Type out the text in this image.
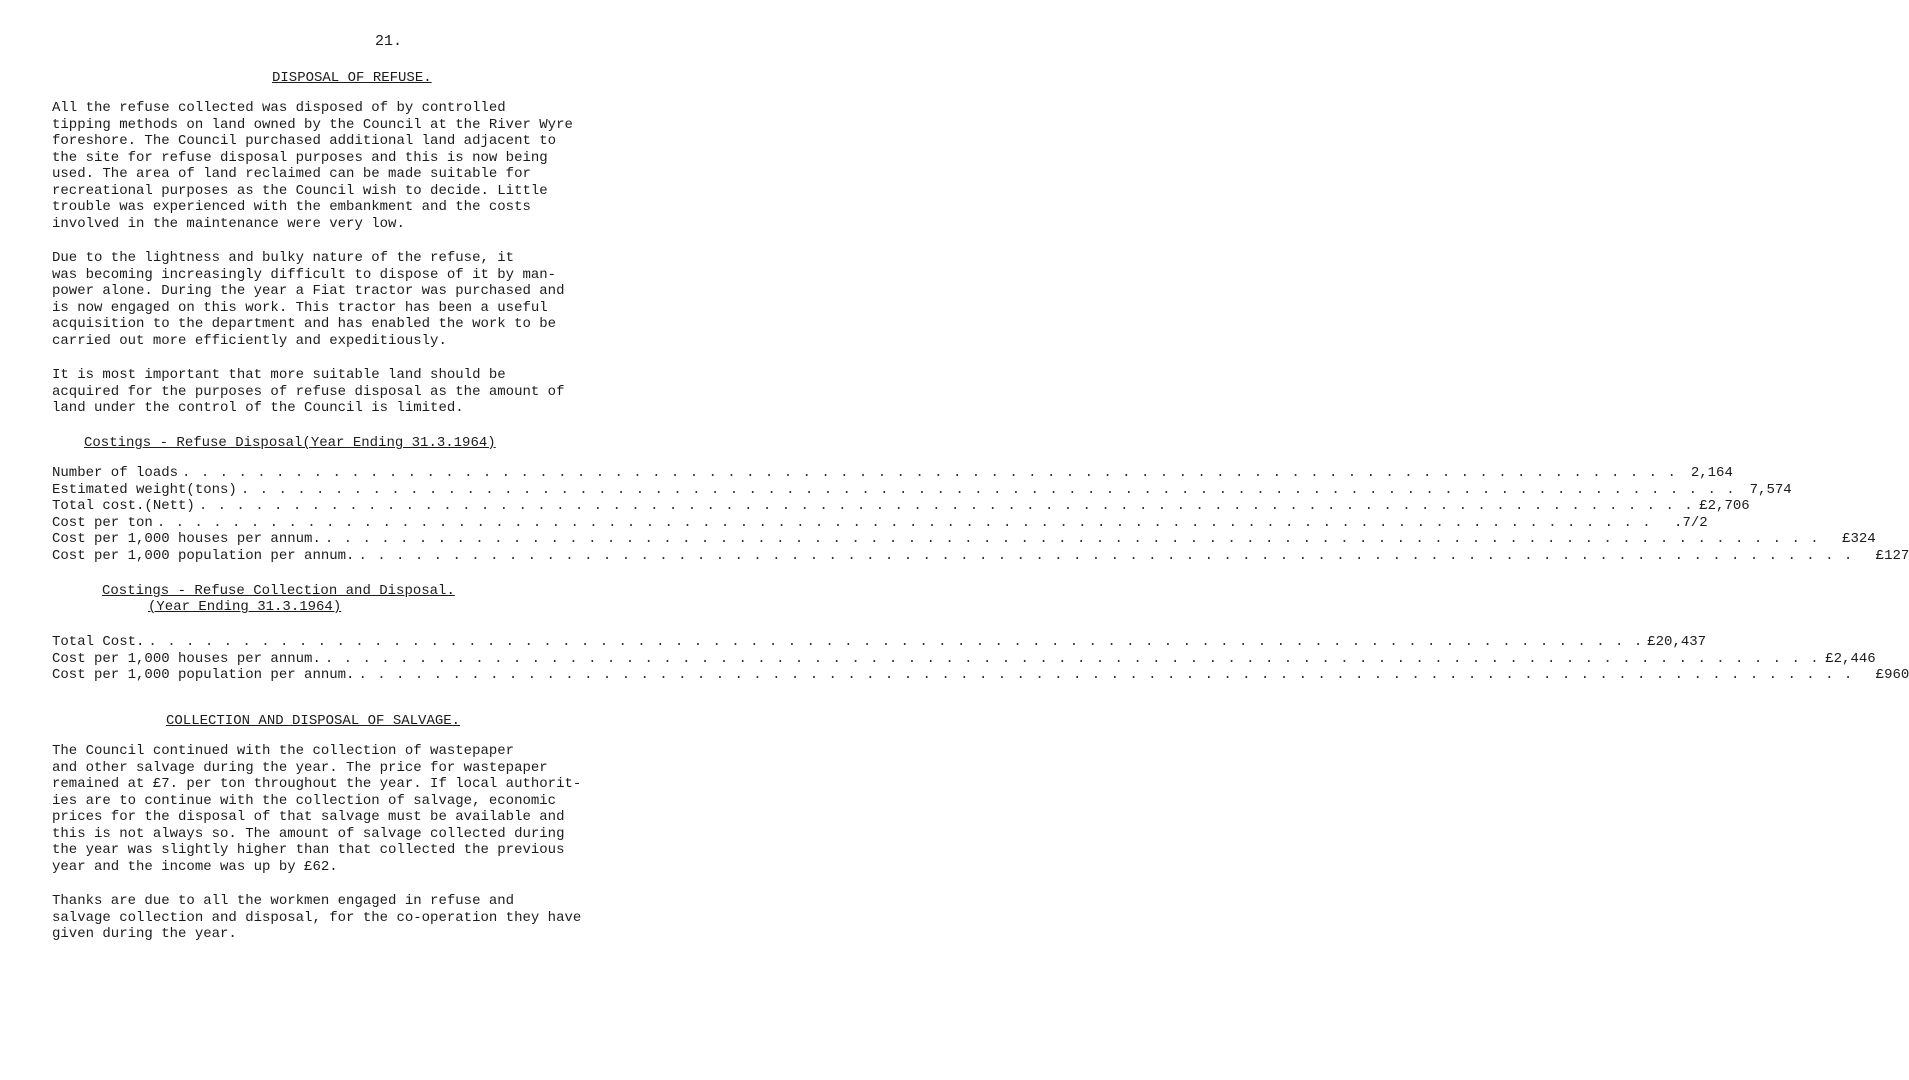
21.
DISPOSAL OF REFUSE.

All the refuse collected was disposed of by controlled
tipping methods on land owned by the Council at the River Wyre
foreshore. The Council purchased additional land adjacent to
the site for refuse disposal purposes and this is now being
used. The area of land reclaimed can be made suitable for
recreational purposes as the Council wish to decide. Little
trouble was experienced with the embankment and the costs
involved in the maintenance were very low.

Due to the lightness and bulky nature of the refuse, it
was becoming increasingly difficult to dispose of it by man-
power alone. During the year a Fiat tractor was purchased and
is now engaged on this work. This tractor has been a useful
acquisition to the department and has enabled the work to be
carried out more efficiently and expeditiously.

It is most important that more suitable land should be
acquired for the purposes of refuse disposal as the amount of
land under the control of the Council is limited.

Costings - Refuse Disposal(Year Ending 31.3.1964)
Number of loads . . . . . . . . . . . . . . . . . . . . . . . . . . . . . . . . . . . . . . . . . . . . . . . . . . . . . . . . . . . . . . . . . . . . . . . . . . . . . . . . 2,164
Estimated weight(tons) . . . . . . . . . . . . . . . . . . . . . . . . . . . . . . . . . . . . . . . . . . . . . . . . . . . . . . . . . . . . . . . . . . . . . . . . . . . . . . . . 7,574
Total cost.(Nett) . . . . . . . . . . . . . . . . . . . . . . . . . . . . . . . . . . . . . . . . . . . . . . . . . . . . . . . . . . . . . . . . . . . . . . . . . . . . . . . . £2,706
Cost per ton . . . . . . . . . . . . . . . . . . . . . . . . . . . . . . . . . . . . . . . . . . . . . . . . . . . . . . . . . . . . . . . . . . . . . . . . . . . . . . . .	.7/2
Cost per 1,000 houses per annum. . . . . . . . . . . . . . . . . . . . . . . . . . . . . . . . . . . . . . . . . . . . . . . . . . . . . . . . . . . . . . . . . . . . . . . . . . . . . . . . .	£324
Cost per 1,000 population per annum. . . . . . . . . . . . . . . . . . . . . . . . . . . . . . . . . . . . . . . . . . . . . . . . . . . . . . . . . . . . . . . . . . . . . . . . . . . . . . . . .	£127
Costings - Refuse Collection and Disposal.
(Year Ending 31.3.1964)
Total Cost. . . . . . . . . . . . . . . . . . . . . . . . . . . . . . . . . . . . . . . . . . . . . . . . . . . . . . . . . . . . . . . . . . . . . . . . . . . . . . . . . £20,437
Cost per 1,000 houses per annum. . . . . . . . . . . . . . . . . . . . . . . . . . . . . . . . . . . . . . . . . . . . . . . . . . . . . . . . . . . . . . . . . . . . . . . . . . . . . . . . . £2,446
Cost per 1,000 population per annum. . . . . . . . . . . . . . . . . . . . . . . . . . . . . . . . . . . . . . . . . . . . . . . . . . . . . . . . . . . . . . . . . . . . . . . . . . . . . . . . .	£960
COLLECTION AND DISPOSAL OF SALVAGE.

The Council continued with the collection of wastepaper
and other salvage during the year. The price for wastepaper
remained at £7. per ton throughout the year. If local authorit-
ies are to continue with the collection of salvage, economic
prices for the disposal of that salvage must be available and
this is not always so. The amount of salvage collected during
the year was slightly higher than that collected the previous
year and the income was up by £62.

Thanks are due to all the workmen engaged in refuse and
salvage collection and disposal, for the co-operation they have
given during the year.
